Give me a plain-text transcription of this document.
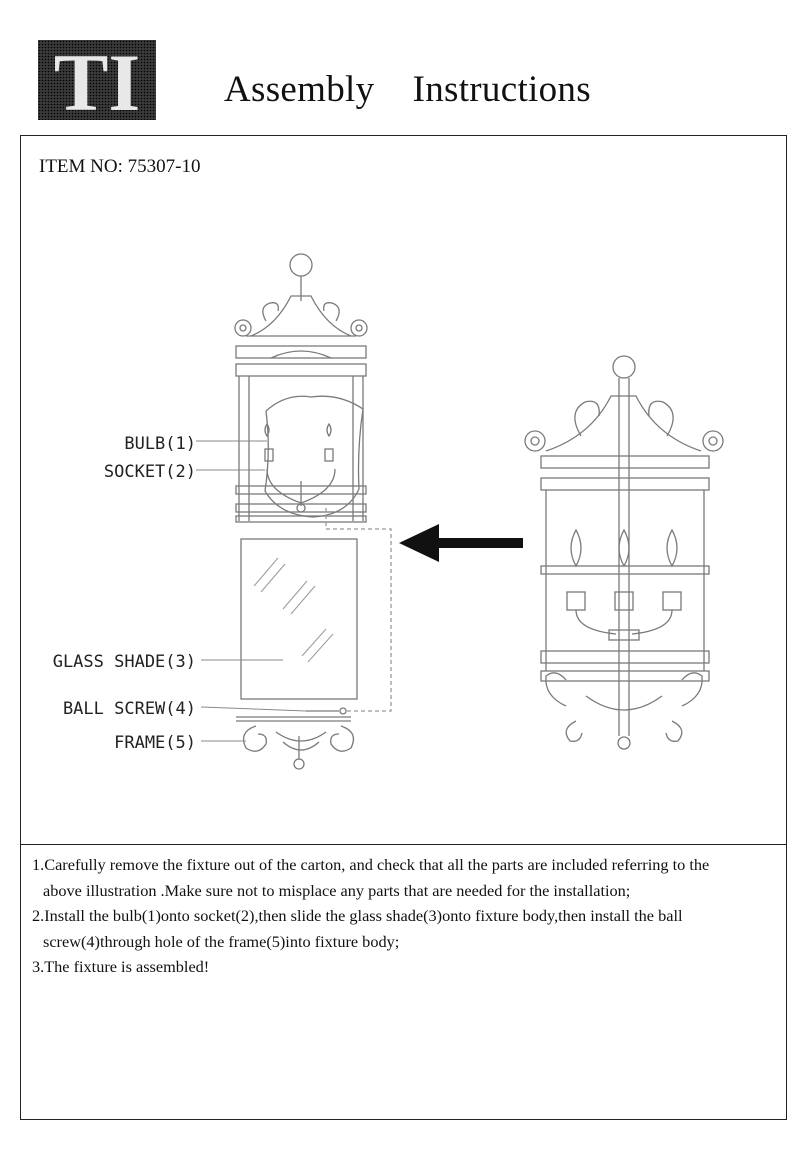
TI Assembly    Instructions
ITEM NO: 75307-10
BULB(1)
SOCKET(2)
GLASS SHADE(3)
BALL SCREW(4)
FRAME(5)

1.Carefully remove the fixture out of the carton, and check that all the parts are included referring to the
above illustration .Make sure not to misplace any parts that are needed for the installation;

2.Install the bulb(1)onto socket(2),then slide the glass shade(3)onto fixture body,then install the ball
screw(4)through hole of the frame(5)into fixture body;

3.The fixture is assembled!
